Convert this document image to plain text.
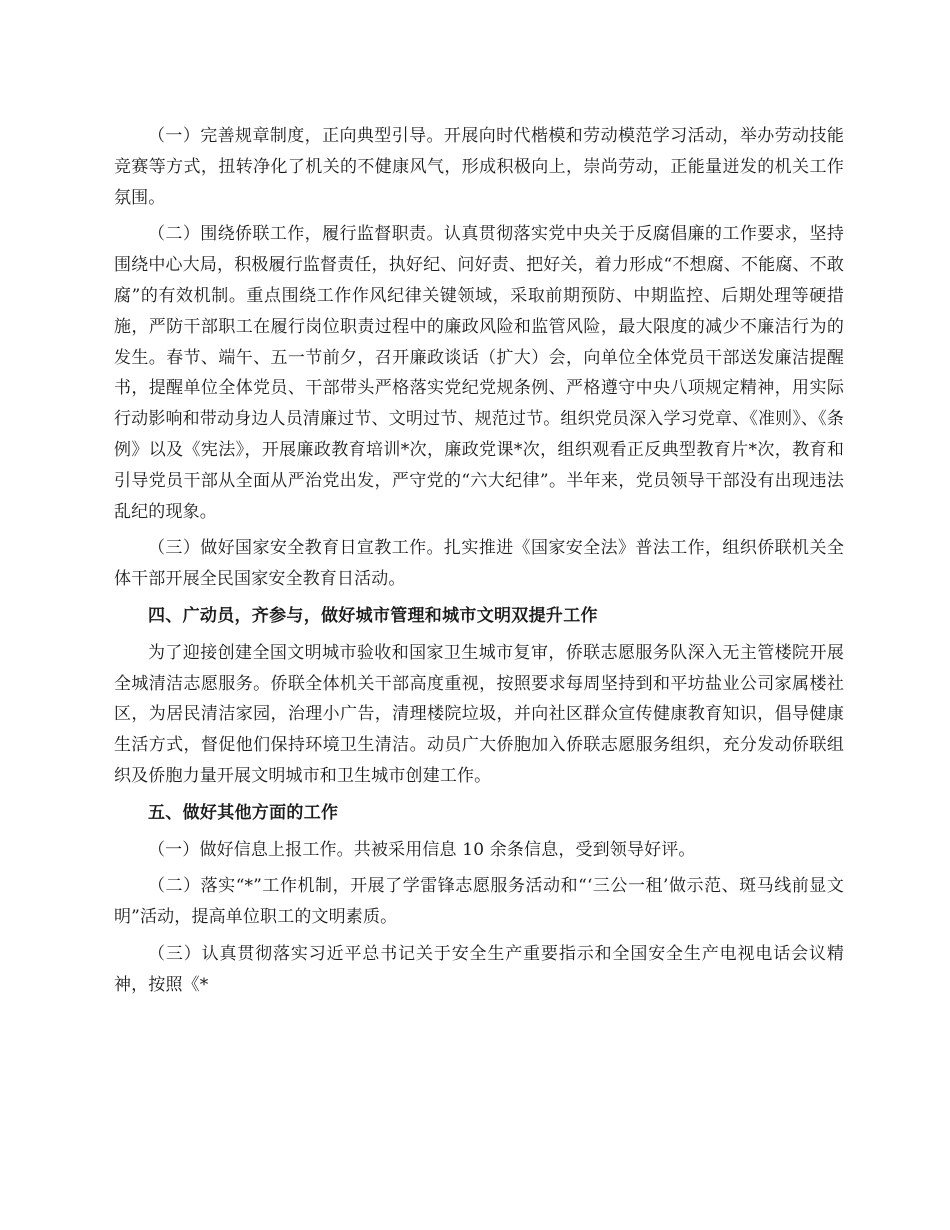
（一）完善规章制度，正向典型引导。开展向时代楷模和劳动模范学习活动，举办劳动技能竞赛等方式，扭转净化了机关的不健康风气，形成积极向上，崇尚劳动，正能量迸发的机关工作氛围。

（二）围绕侨联工作，履行监督职责。认真贯彻落实党中央关于反腐倡廉的工作要求，坚持围绕中心大局，积极履行监督责任，执好纪、问好责、把好关，着力形成“不想腐、不能腐、不敢腐”的有效机制。重点围绕工作作风纪律关键领域，采取前期预防、中期监控、后期处理等硬措施，严防干部职工在履行岗位职责过程中的廉政风险和监管风险，最大限度的减少不廉洁行为的发生。春节、端午、五一节前夕，召开廉政谈话（扩大）会，向单位全体党员干部送发廉洁提醒书，提醒单位全体党员、干部带头严格落实党纪党规条例、严格遵守中央八项规定精神，用实际行动影响和带动身边人员清廉过节、文明过节、规范过节。组织党员深入学习党章、《准则》、《条例》以及《宪法》，开展廉政教育培训*次，廉政党课*次，组织观看正反典型教育片*次，教育和引导党员干部从全面从严治党出发，严守党的“六大纪律”。半年来，党员领导干部没有出现违法乱纪的现象。

（三）做好国家安全教育日宣教工作。扎实推进《国家安全法》普法工作，组织侨联机关全体干部开展全民国家安全教育日活动。

四、广动员，齐参与，做好城市管理和城市文明双提升工作

为了迎接创建全国文明城市验收和国家卫生城市复审，侨联志愿服务队深入无主管楼院开展全城清洁志愿服务。侨联全体机关干部高度重视，按照要求每周坚持到和平坊盐业公司家属楼社区，为居民清洁家园，治理小广告，清理楼院垃圾，并向社区群众宣传健康教育知识，倡导健康生活方式，督促他们保持环境卫生清洁。动员广大侨胞加入侨联志愿服务组织，充分发动侨联组织及侨胞力量开展文明城市和卫生城市创建工作。

五、做好其他方面的工作

（一）做好信息上报工作。共被采用信息 10 余条信息，受到领导好评。

（二）落实“*”工作机制，开展了学雷锋志愿服务活动和“‘三公一租’做示范、斑马线前显文明”活动，提高单位职工的文明素质。

（三）认真贯彻落实习近平总书记关于安全生产重要指示和全国安全生产电视电话会议精神，按照《*
